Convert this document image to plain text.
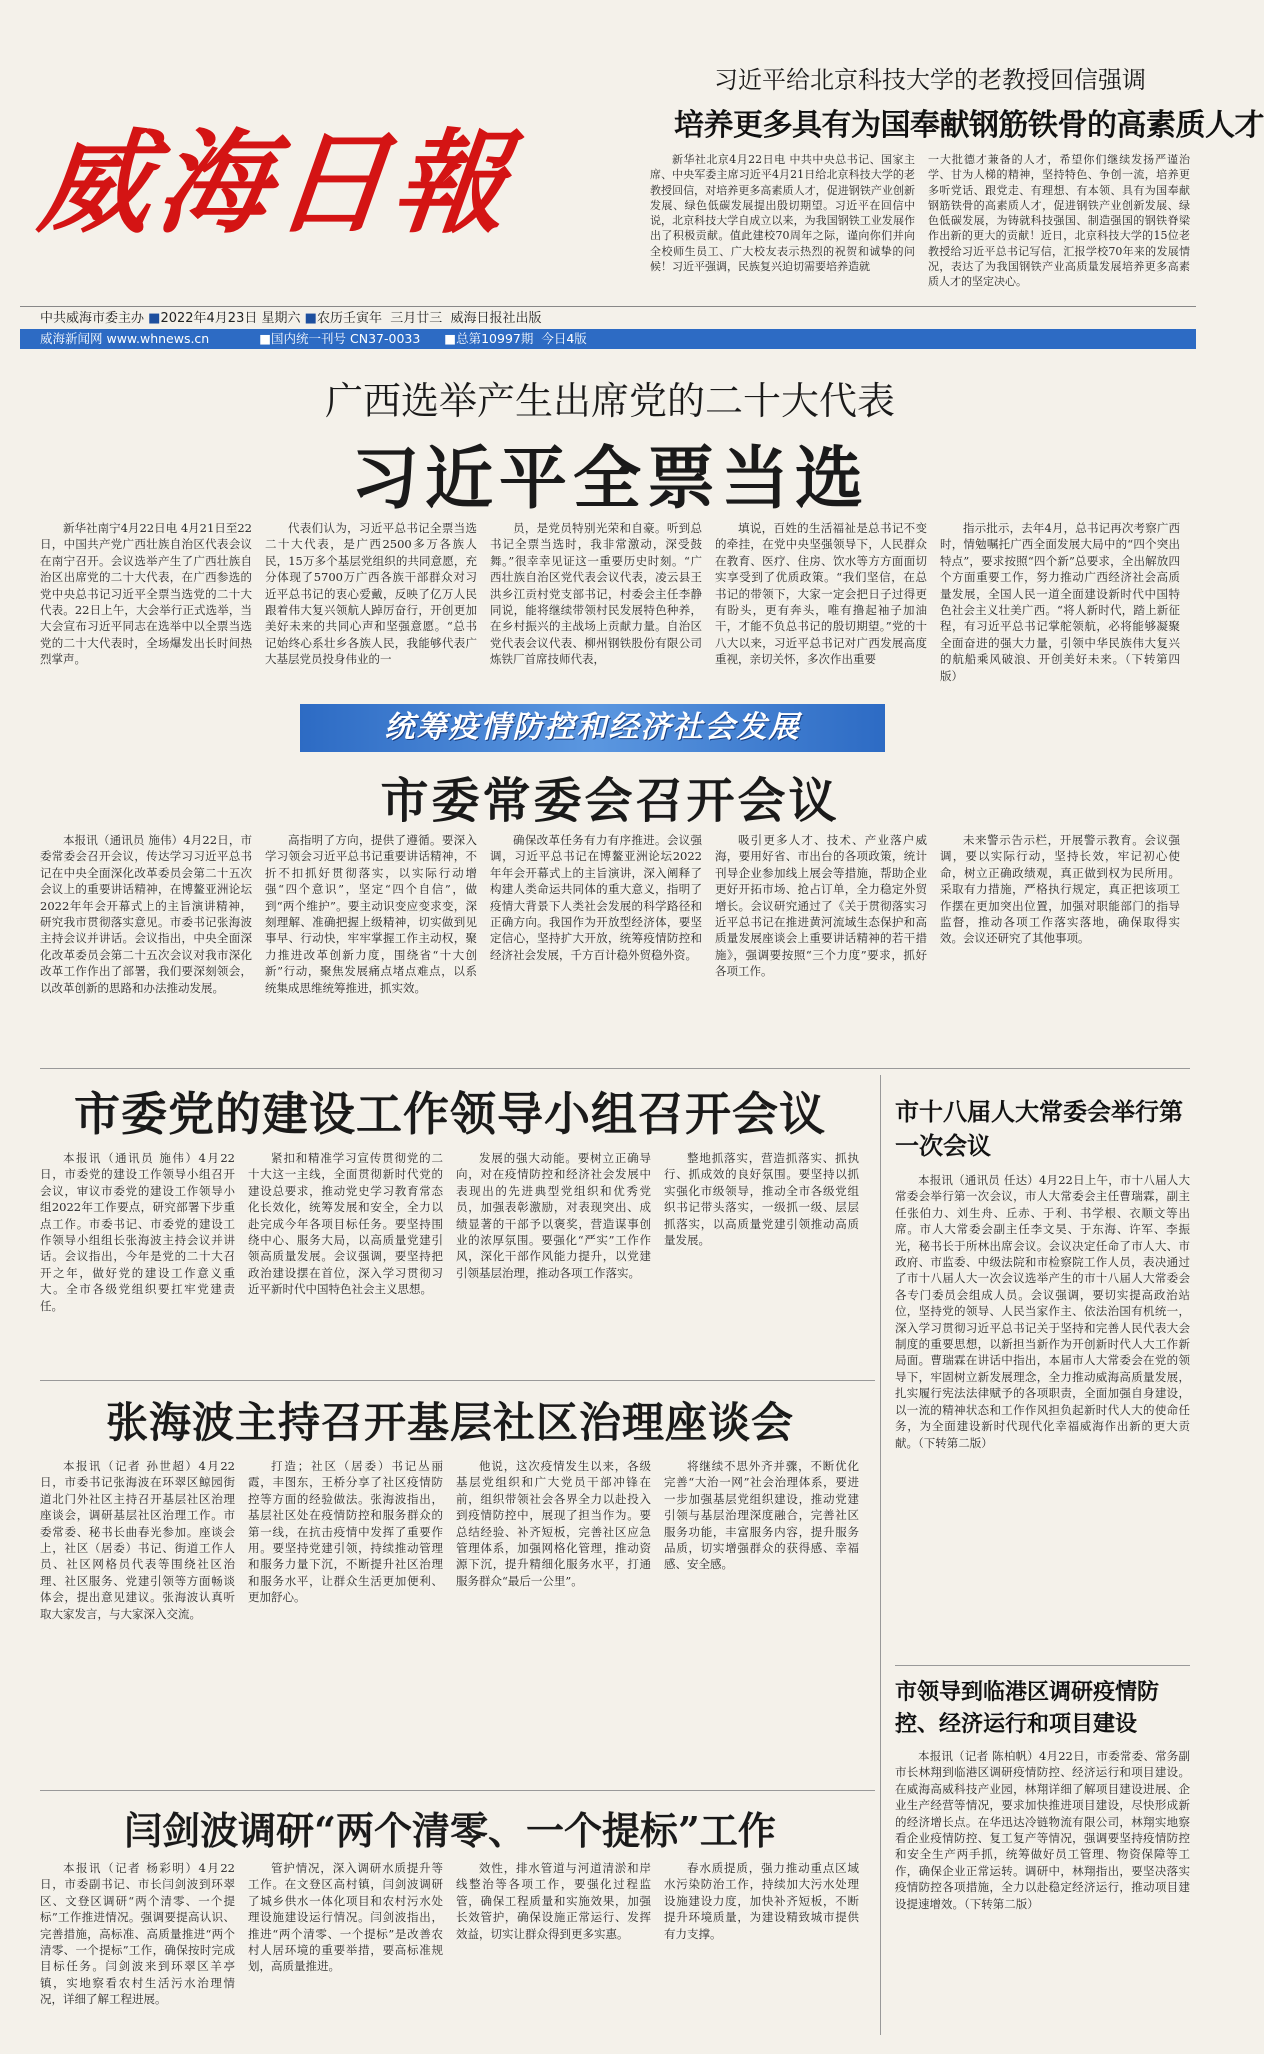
威海日報
习近平给北京科技大学的老教授回信强调
培养更多具有为国奉献钢筋铁骨的高素质人才
新华社北京4月22日电 中共中央总书记、国家主席、中央军委主席习近平4月21日给北京科技大学的老教授回信，对培养更多高素质人才，促进钢铁产业创新发展、绿色低碳发展提出殷切期望。习近平在回信中说，北京科技大学自成立以来，为我国钢铁工业发展作出了积极贡献。值此建校70周年之际，谨向你们并向全校师生员工、广大校友表示热烈的祝贺和诚挚的问候！习近平强调，民族复兴迫切需要培养造就
一大批德才兼备的人才，希望你们继续发扬严谨治学、甘为人梯的精神，坚持特色、争创一流，培养更多听党话、跟党走、有理想、有本领、具有为国奉献钢筋铁骨的高素质人才，促进钢铁产业创新发展、绿色低碳发展，为铸就科技强国、制造强国的钢铁脊梁作出新的更大的贡献！近日，北京科技大学的15位老教授给习近平总书记写信，汇报学校70年来的发展情况，表达了为我国钢铁产业高质量发展培养更多高素质人才的坚定决心。
中共威海市委主办 ■2022年4月23日 星期六 ■农历壬寅年 三月廿三 威海日报社出版
威海新闻网 www.whnews.cn	■国内统一刊号 CN37-0033 ■总第10997期 今日4版
广西选举产生出席党的二十大代表
习近平全票当选
新华社南宁4月22日电 4月21日至22日，中国共产党广西壮族自治区代表会议在南宁召开。会议选举产生了广西壮族自治区出席党的二十大代表，在广西参选的党中央总书记习近平全票当选党的二十大代表。22日上午，大会举行正式选举，当大会宣布习近平同志在选举中以全票当选党的二十大代表时，全场爆发出长时间热烈掌声。
代表们认为，习近平总书记全票当选二十大代表，是广西2500多万各族人民，15万多个基层党组织的共同意愿，充分体现了5700万广西各族干部群众对习近平总书记的衷心爱戴，反映了亿万人民跟着伟大复兴领航人踔厉奋行，开创更加美好未来的共同心声和坚强意愿。“总书记始终心系壮乡各族人民，我能够代表广大基层党员投身伟业的一
员，是党员特别光荣和自豪。听到总书记全票当选时，我非常激动，深受鼓舞。”很幸幸见证这一重要历史时刻。“广西壮族自治区党代表会议代表，凌云县王洪乡江贡村党支部书记，村委会主任李静同说，能将继续带领村民发展特色种养，在乡村振兴的主战场上贡献力量。自治区党代表会议代表、柳州钢铁股份有限公司炼铁厂首席技师代表，
填说，百姓的生活福祉是总书记不变的牵挂，在党中央坚强领导下，人民群众在教育、医疗、住房、饮水等方方面面切实享受到了优质政策。“我们坚信，在总书记的带领下，大家一定会把日子过得更有盼头，更有奔头，唯有撸起袖子加油干，才能不负总书记的殷切期望。”党的十八大以来，习近平总书记对广西发展高度重视，亲切关怀，多次作出重要
指示批示，去年4月，总书记再次考察广西时，情勉嘱托广西全面发展大局中的“四个突出特点”，要求按照“四个新”总要求，全出解放四个方面重要工作，努力推动广西经济社会高质量发展，全国人民一道全面建设新时代中国特色社会主义壮美广西。“将人新时代，踏上新征程，有习近平总书记掌舵领航，必将能够凝聚全面奋进的强大力量，引领中华民族伟大复兴的航船乘风破浪、开创美好未来。（下转第四版）
统筹疫情防控和经济社会发展
市委常委会召开会议
本报讯（通讯员 施伟）4月22日，市委常委会召开会议，传达学习习近平总书记在中央全面深化改革委员会第二十五次会议上的重要讲话精神，在博鳌亚洲论坛2022年年会开幕式上的主旨演讲精神，研究我市贯彻落实意见。市委书记张海波主持会议并讲话。会议指出，中央全面深化改革委员会第二十五次会议对我市深化改革工作作出了部署，我们要深刻领会，以改革创新的思路和办法推动发展。
高指明了方向，提供了遵循。要深入学习领会习近平总书记重要讲话精神，不折不扣抓好贯彻落实，以实际行动增强“四个意识”，坚定“四个自信”，做到“两个维护”。要主动识变应变求变，深刻理解、准确把握上级精神，切实做到见事早、行动快，牢牢掌握工作主动权，聚力推进改革创新力度，围绕省“十大创新”行动，聚焦发展痛点堵点难点，以系统集成思维统筹推进，抓实效。
确保改革任务有力有序推进。会议强调，习近平总书记在博鳌亚洲论坛2022年年会开幕式上的主旨演讲，深入阐释了构建人类命运共同体的重大意义，指明了疫情大背景下人类社会发展的科学路径和正确方向。我国作为开放型经济体，要坚定信心，坚持扩大开放，统筹疫情防控和经济社会发展，千方百计稳外贸稳外资。
吸引更多人才、技术、产业落户威海，要用好省、市出台的各项政策，统计刊导企业参加线上展会等措施，帮助企业更好开拓市场、抢占订单，全力稳定外贸增长。会议研究通过了《关于贯彻落实习近平总书记在推进黄河流域生态保护和高质量发展座谈会上重要讲话精神的若干措施》，强调要按照“三个力度”要求，抓好各项工作。
未来警示告示栏，开展警示教育。会议强调，要以实际行动，坚持长效，牢记初心使命，树立正确政绩观，真正做到权为民所用。采取有力措施，严格执行规定，真正把该项工作摆在更加突出位置，加强对职能部门的指导监督，推动各项工作落实落地，确保取得实效。会议还研究了其他事项。
市委党的建设工作领导小组召开会议
本报讯（通讯员 施伟）4月22日，市委党的建设工作领导小组召开会议，审议市委党的建设工作领导小组2022年工作要点，研究部署下步重点工作。市委书记、市委党的建设工作领导小组组长张海波主持会议并讲话。会议指出，今年是党的二十大召开之年，做好党的建设工作意义重大。全市各级党组织要扛牢党建责任。
紧扣和精准学习宣传贯彻党的二十大这一主线，全面贯彻新时代党的建设总要求，推动党史学习教育常态化长效化，统筹发展和安全，全力以赴完成今年各项目标任务。要坚持围绕中心、服务大局，以高质量党建引领高质量发展。会议强调，要坚持把政治建设摆在首位，深入学习贯彻习近平新时代中国特色社会主义思想。
发展的强大动能。要树立正确导向，对在疫情防控和经济社会发展中表现出的先进典型党组织和优秀党员，加强表彰激励，对表现突出、成绩显著的干部予以褒奖，营造谋事创业的浓厚氛围。要强化“严实”工作作风，深化干部作风能力提升，以党建引领基层治理，推动各项工作落实。
整地抓落实，营造抓落实、抓执行、抓成效的良好氛围。要坚持以抓实强化市级领导，推动全市各级党组织书记带头落实，一级抓一级、层层抓落实，以高质量党建引领推动高质量发展。
市十八届人大常委会举行第一次会议
本报讯（通讯员 任达）4月22日上午，市十八届人大常委会举行第一次会议，市人大常委会主任曹瑞霖，副主任张伯力、刘生舟、丘赤、于利、书学根、衣顺文等出席。市人大常委会副主任李文昊、于东海、许军、李振光，秘书长于所林出席会议。会议决定任命了市人大、市政府、市监委、中级法院和市检察院工作人员，表决通过了市十八届人大一次会议选举产生的市十八届人大常委会各专门委员会组成人员。会议强调，要切实提高政治站位，坚持党的领导、人民当家作主、依法治国有机统一，深入学习贯彻习近平总书记关于坚持和完善人民代表大会制度的重要思想，以新担当新作为开创新时代人大工作新局面。曹瑞霖在讲话中指出，本届市人大常委会在党的领导下，牢固树立新发展理念，全力推动威海高质量发展，扎实履行宪法法律赋予的各项职责，全面加强自身建设，以一流的精神状态和工作作风担负起新时代人大的使命任务，为全面建设新时代现代化幸福威海作出新的更大贡献。（下转第二版）
张海波主持召开基层社区治理座谈会
本报讯（记者 孙世超）4月22日，市委书记张海波在环翠区鲸园街道北门外社区主持召开基层社区治理座谈会，调研基层社区治理工作。市委常委、秘书长曲春光参加。座谈会上，社区（居委）书记、街道工作人员、社区网格员代表等围绕社区治理、社区服务、党建引领等方面畅谈体会，提出意见建议。张海波认真听取大家发言，与大家深入交流。
打造；社区（居委）书记丛丽霞，丰图东，王桥分享了社区疫情防控等方面的经验做法。张海波指出，基层社区处在疫情防控和服务群众的第一线，在抗击疫情中发挥了重要作用。要坚持党建引领，持续推动管理和服务力量下沉，不断提升社区治理和服务水平，让群众生活更加便利、更加舒心。
他说，这次疫情发生以来，各级基层党组织和广大党员干部冲锋在前，组织带领社会各界全力以赴投入到疫情防控中，展现了担当作为。要总结经验、补齐短板，完善社区应急管理体系，加强网格化管理，推动资源下沉，提升精细化服务水平，打通服务群众“最后一公里”。
将继续不思外齐并骤，不断优化完善“大治一网”社会治理体系，要进一步加强基层党组织建设，推动党建引领与基层治理深度融合，完善社区服务功能，丰富服务内容，提升服务品质，切实增强群众的获得感、幸福感、安全感。
市领导到临港区调研疫情防控、经济运行和项目建设
本报讯（记者 陈柏帆）4月22日，市委常委、常务副市长林翔到临港区调研疫情防控、经济运行和项目建设。在威海高威科技产业园，林翔详细了解项目建设进展、企业生产经营等情况，要求加快推进项目建设，尽快形成新的经济增长点。在华迅达冷链物流有限公司，林翔实地察看企业疫情防控、复工复产等情况，强调要坚持疫情防控和安全生产两手抓，统筹做好员工管理、物资保障等工作，确保企业正常运转。调研中，林翔指出，要坚决落实疫情防控各项措施，全力以赴稳定经济运行，推动项目建设提速增效。（下转第二版）
闫剑波调研“两个清零、一个提标”工作
本报讯（记者 杨彩明）4月22日，市委副书记、市长闫剑波到环翠区、文登区调研“两个清零、一个提标”工作推进情况。强调要提高认识、完善措施，高标准、高质量推进“两个清零、一个提标”工作，确保按时完成目标任务。闫剑波来到环翠区羊亭镇，实地察看农村生活污水治理情况，详细了解工程进展。
管护情况，深入调研水质提升等工作。在文登区高村镇，闫剑波调研了城乡供水一体化项目和农村污水处理设施建设运行情况。闫剑波指出，推进“两个清零、一个提标”是改善农村人居环境的重要举措，要高标准规划，高质量推进。
效性，排水管道与河道清淤和岸线整治等各项工作，要强化过程监管，确保工程质量和实施效果，加强长效管护，确保设施正常运行、发挥效益，切实让群众得到更多实惠。
春水质提质，强力推动重点区域水污染防治工作，持续加大污水处理设施建设力度，加快补齐短板，不断提升环境质量，为建设精致城市提供有力支撑。
